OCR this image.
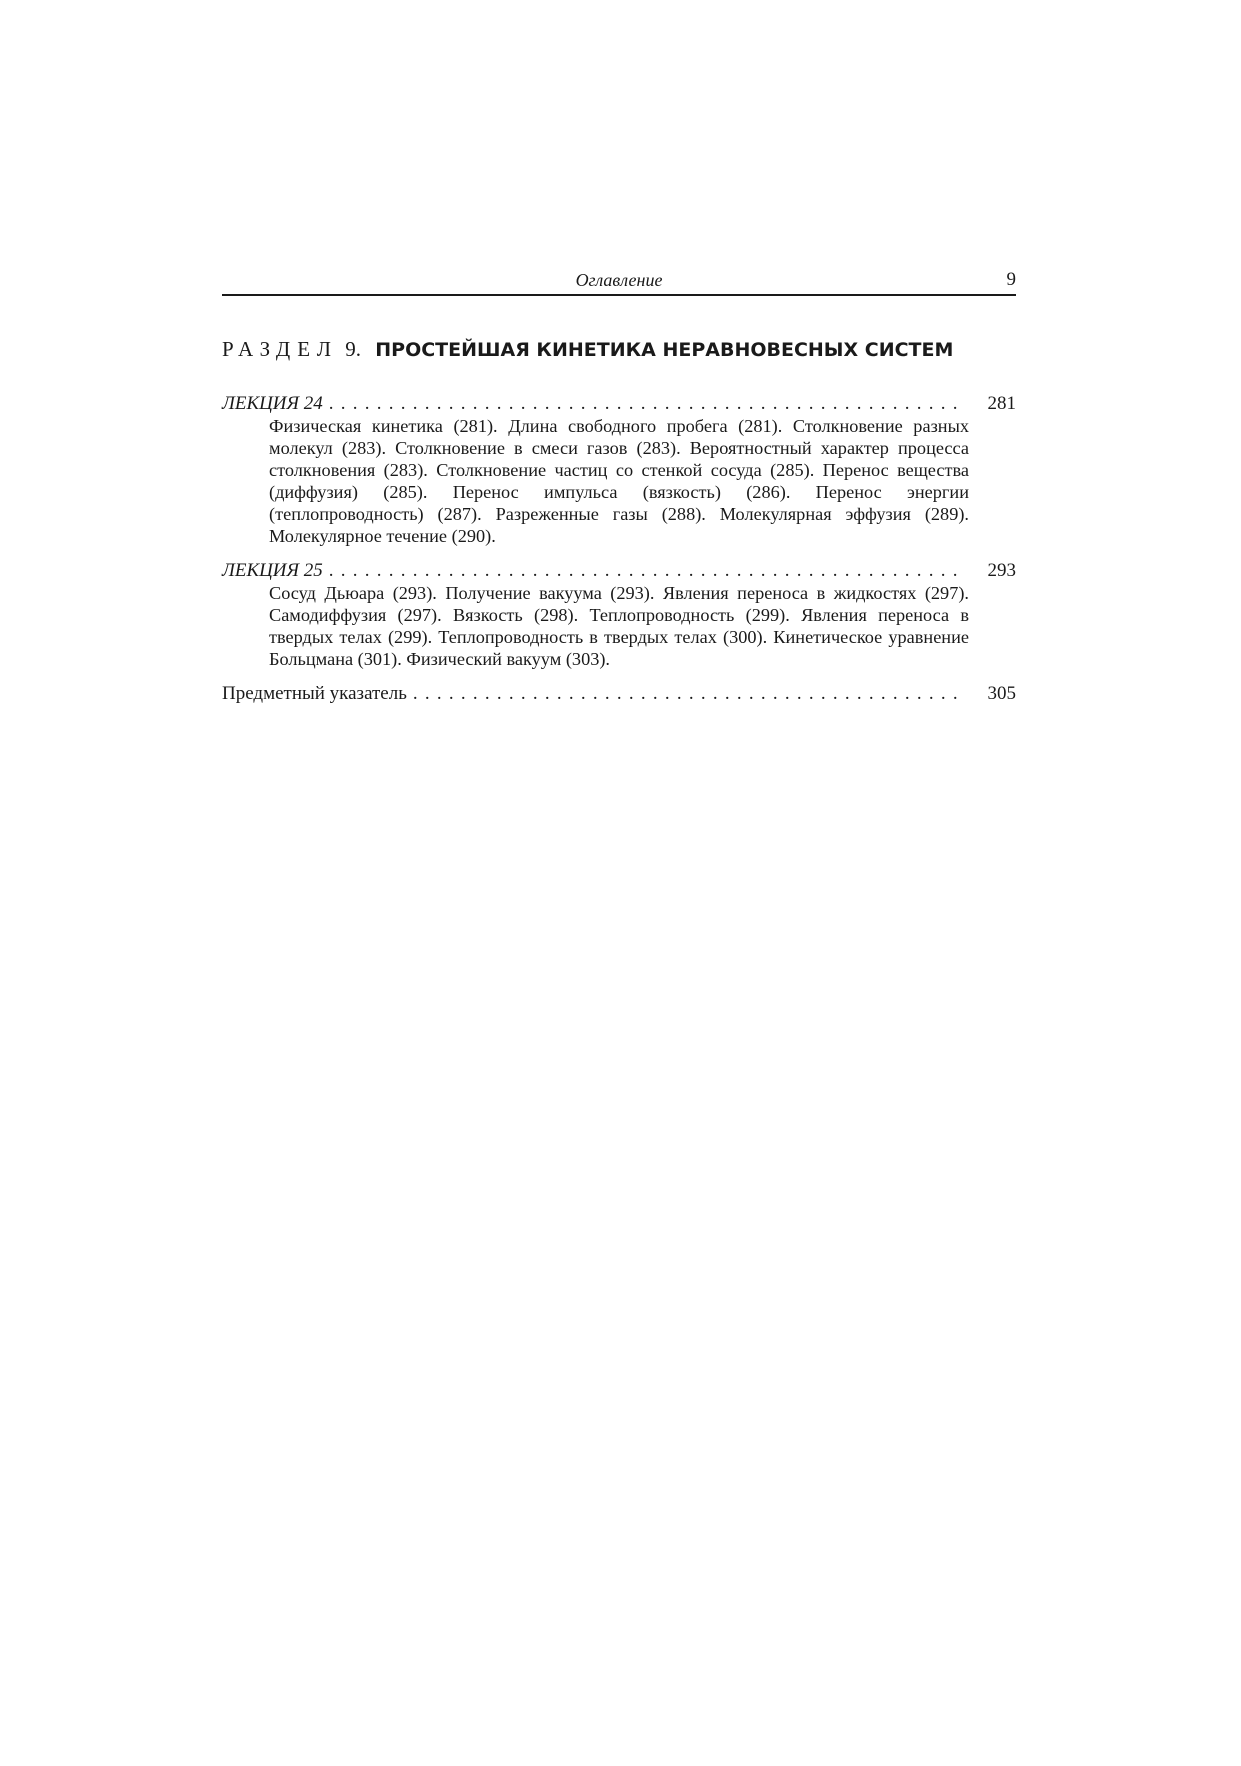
Оглавление	9
РАЗДЕЛ 9. ПРОСТЕЙШАЯ КИНЕТИКА НЕРАВНОВЕСНЫХ СИСТЕМ
ЛЕКЦИЯ 24 . . .	281
Физическая кинетика (281). Длина свободного пробега (281). Столкновение разных молекул (283). Столкновение в смеси газов (283). Вероятностный характер процесса столкновения (283). Столкновение частиц со стенкой сосуда (285). Перенос вещества (диффузия) (285). Перенос импульса (вязкость) (286). Перенос энергии (теплопроводность) (287). Разреженные газы (288). Молекулярная эффузия (289). Молекулярное течение (290).
ЛЕКЦИЯ 25 . . .	293
Сосуд Дьюара (293). Получение вакуума (293). Явления переноса в жидкостях (297). Самодиффузия (297). Вязкость (298). Теплопроводность (299). Явления переноса в твердых телах (299). Теплопроводность в твердых телах (300). Кинетическое уравнение Больцмана (301). Физический вакуум (303).
Предметный указатель . . .	305
